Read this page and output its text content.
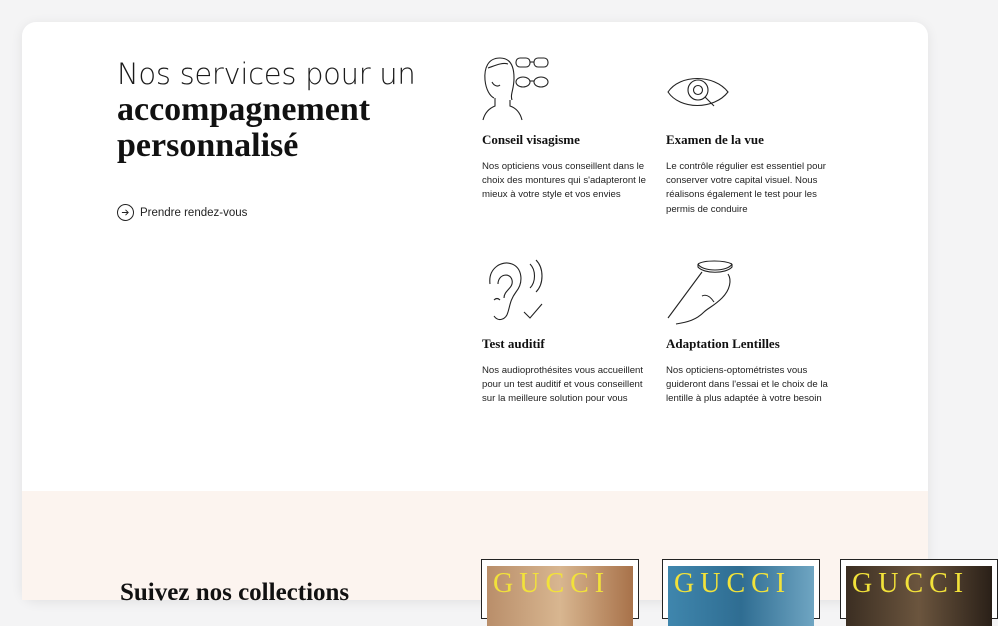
Nos services pour un
accompagnement personnalisé
Prendre rendez-vous
Conseil visagisme

Nos opticiens vous conseillent dans le choix des montures qui s'adapteront le mieux à votre style et vos envies

Examen de la vue

Le contrôle régulier est essentiel pour conserver votre capital visuel. Nous réalisons également le test pour les permis de conduire

Test auditif

Nos audioprothésites vous accueillent pour un test auditif et vous conseillent sur la meilleure solution pour vous

Adaptation Lentilles

Nos opticiens-optométristes vous guideront dans l'essai et le choix de la lentille à plus adaptée à votre besoin

Suivez nos collections	GUCCI GUCCI GUCCI
